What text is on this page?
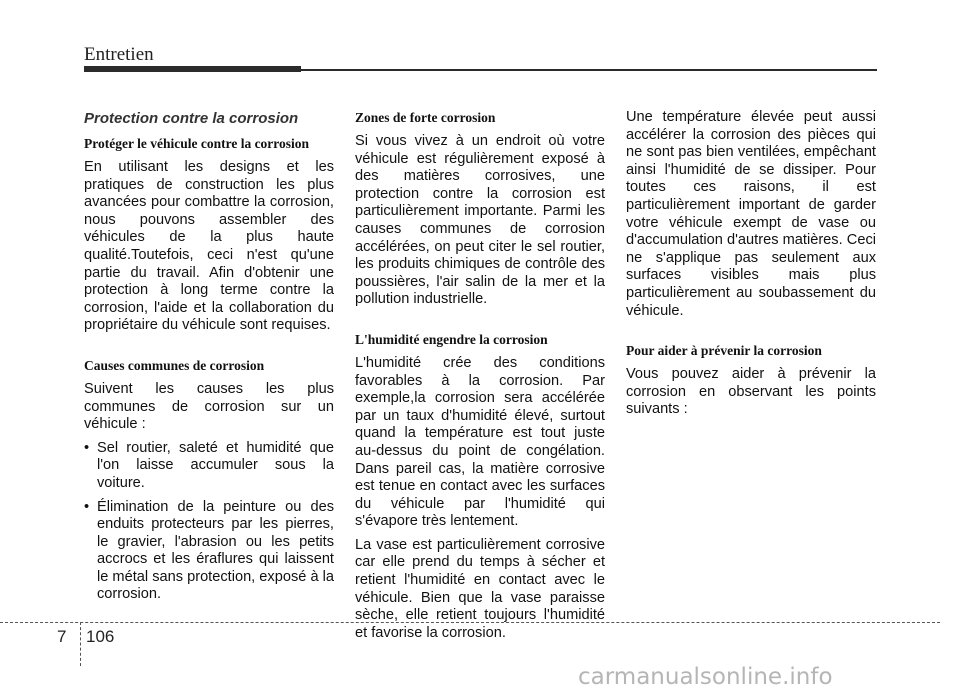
Entretien
Protection contre la corrosion
Protéger le véhicule contre la corrosion

En utilisant les designs et les pratiques de construction les plus avancées pour combattre la corrosion, nous pouvons assembler des véhicules de la plus haute qualité.Toutefois, ceci n'est qu'une partie du travail. Afin d'obtenir une protection à long terme contre la corrosion, l'aide et la collaboration du propriétaire du véhicule sont requises.

Causes communes de corrosion

Suivent les causes les plus communes de corrosion sur un véhicule :

• Sel routier, saleté et humidité que l'on laisse accumuler sous la voiture.
• Élimination de la peinture ou des enduits protecteurs par les pierres, le gravier, l'abrasion ou les petits accrocs et les éraflures qui laissent le métal sans protection, exposé à la corrosion.
Zones de forte corrosion

Si vous vivez à un endroit où votre véhicule est régulièrement exposé à des matières corrosives, une protection contre la corrosion est particulièrement importante. Parmi les causes communes de corrosion accélérées, on peut citer le sel routier, les produits chimiques de contrôle des poussières, l'air salin de la mer et la pollution industrielle.

L'humidité engendre la corrosion

L'humidité crée des conditions favorables à la corrosion. Par exemple,la corrosion sera accélérée par un taux d'humidité élevé, surtout quand la température est tout juste au-dessus du point de congélation. Dans pareil cas, la matière corrosive est tenue en contact avec les surfaces du véhicule par l'humidité qui s'évapore très lentement.

La vase est particulièrement corrosive car elle prend du temps à sécher et retient l'humidité en contact avec le véhicule. Bien que la vase paraisse sèche, elle retient toujours l'humidité et favorise la corrosion.

Une température élevée peut aussi accélérer la corrosion des pièces qui ne sont pas bien ventilées, empêchant ainsi l'humidité de se dissiper. Pour toutes ces raisons, il est particulièrement important de garder votre véhicule exempt de vase ou d'accumulation d'autres matières. Ceci ne s'applique pas seulement aux surfaces visibles mais plus particulièrement au soubassement du véhicule.

Pour aider à prévenir la corrosion

Vous pouvez aider à prévenir la corrosion en observant les points suivants :

7 106
carmanualsonline.info
